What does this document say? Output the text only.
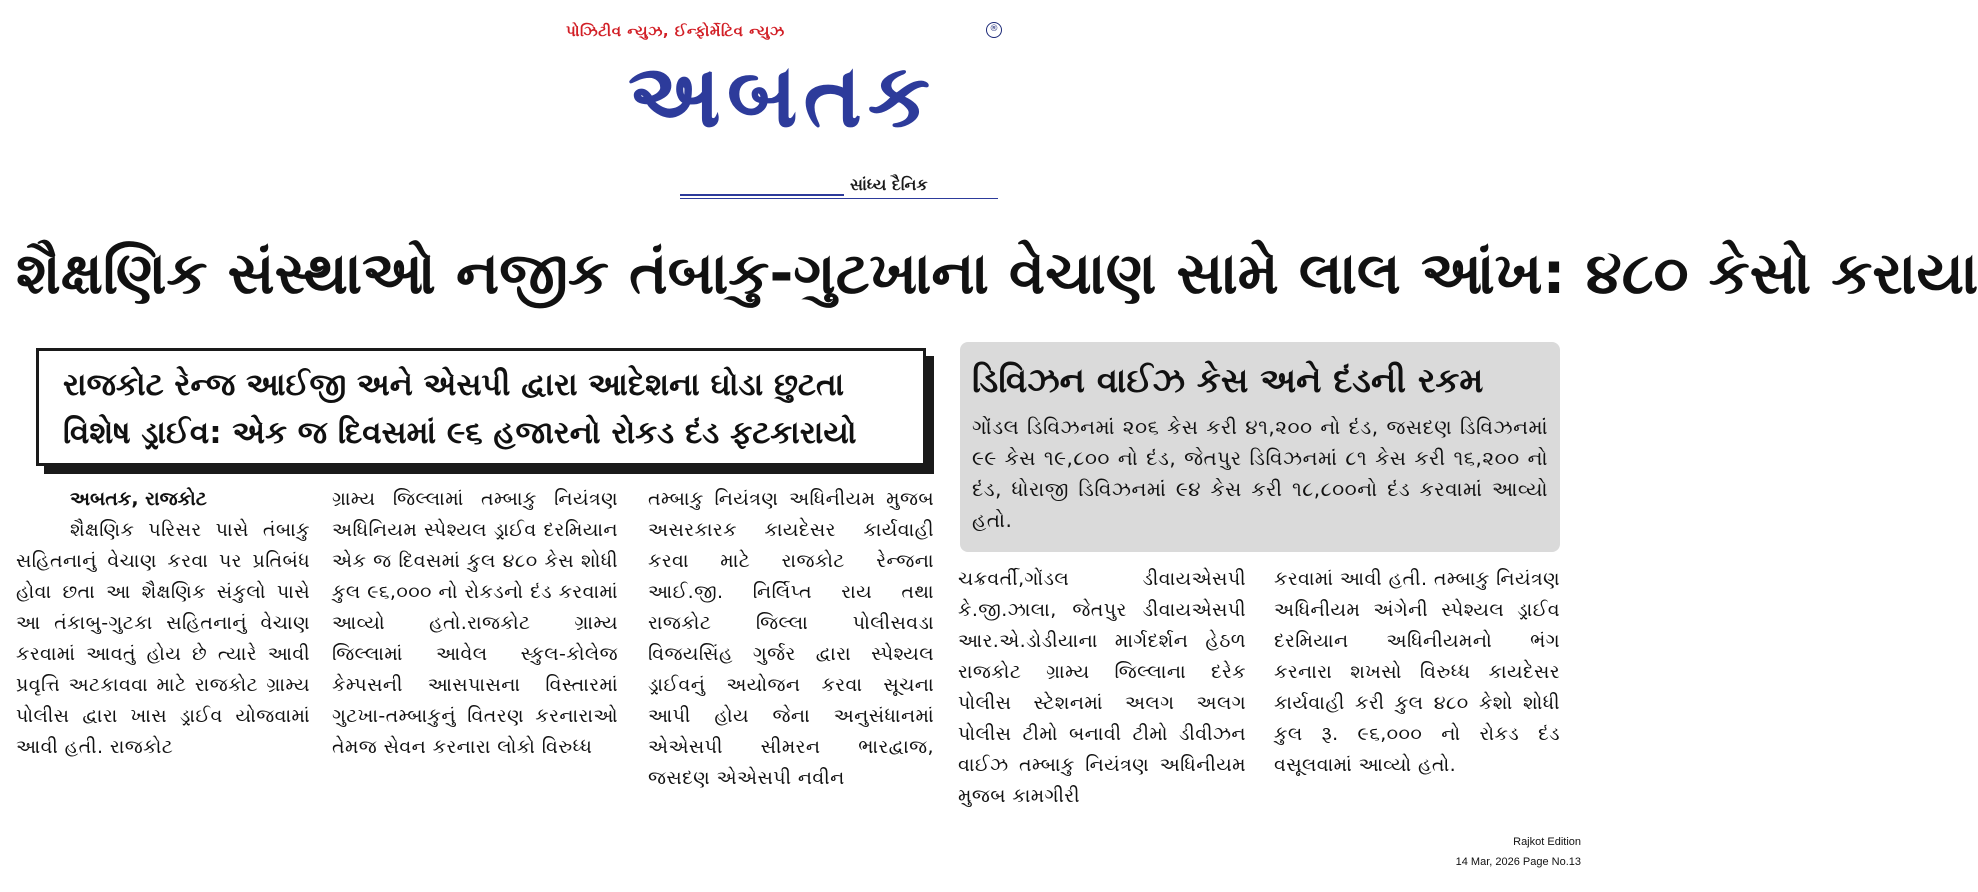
પોઝિટીવ ન્યુઝ, ઈન્ફોર્મેટિવ ન્યુઝ	®
અબતક
સાંધ્ય દૈનિક
શૈક્ષણિક સંસ્થાઓ નજીક તંબાકુ-ગુટખાના વેચાણ સામે લાલ આંખ: ૪૮૦ કેસો કરાયા
રાજકોટ રેન્જ આઈજી અને એસપી દ્વારા આદેશના ઘોડા છુટતા
વિશેષ ડ્રાઈવ: એક જ દિવસમાં ૯૬ હજારનો રોકડ દંડ ફટકારાયો
ડિવિઝન વાઈઝ કેસ અને દંડની રકમ
ગોંડલ ડિવિઝનમાં ૨૦૬ કેસ કરી ૪૧,૨૦૦ નો દંડ, જસદણ ડિવિઝનમાં ૯૯ કેસ ૧૯,૮૦૦ નો દંડ, જેતપુર ડિવિઝનમાં ૮૧ કેસ કરી ૧૬,૨૦૦ નો દંડ, ધોરાજી ડિવિઝનમાં ૯૪ કેસ કરી ૧૮,૮૦૦નો દંડ કરવામાં આવ્યો હતો.
અબતક, રાજકોટ
શૈક્ષણિક પરિસર પાસે તંબાકુ સહિતનાનું વેચાણ કરવા પર પ્રતિબંધ હોવા છતા આ શૈક્ષણિક સંકુલો પાસે આ તંકાબુ-ગુટકા સહિતનાનું વેચાણ કરવામાં આવતું હોય છે ત્યારે આવી પ્રવૃત્તિ અટકાવવા માટે રાજકોટ ગ્રામ્ય પોલીસ દ્વારા ખાસ ડ્રાઈવ યોજવામાં આવી હતી. રાજકોટ
ગ્રામ્ય જિલ્લામાં તમ્બાકુ નિયંત્રણ અધિનિયમ સ્પેશ્યલ ડ્રાઈવ દરમિયાન એક જ દિવસમાં કુલ ૪૮૦ કેસ શોધી કુલ ૯૬,૦૦૦ નો રોકડનો દંડ કરવામાં આવ્યો હતો.રાજકોટ ગ્રામ્ય જિલ્લામાં આવેલ સ્કુલ-કોલેજ કેમ્પસની આસપાસના વિસ્તારમાં ગુટખા-તમ્બાકુનું વિતરણ કરનારાઓ તેમજ સેવન કરનારા લોકો વિરુધ્ધ
તમ્બાકુ નિયંત્રણ અધિનીયમ મુજબ અસરકારક કાયદેસર કાર્યવાહી કરવા માટે રાજકોટ રેન્જના આઈ.જી. નિર્લિપ્ત રાય તથા રાજકોટ જિલ્લા પોલીસવડા વિજયસિંહ ગુર્જર દ્વારા સ્પેશ્યલ ડ્રાઈવનું અયોજન કરવા સૂચના આપી હોય જેના અનુસંધાનમાં એએસપી સીમરન ભારદ્વાજ, જસદણ એએસપી નવીન
ચક્રવર્તી,ગોંડલ ડીવાયએસપી કે.જી.ઝાલા, જેતપુર ડીવાયએસપી આર.એ.ડોડીયાના માર્ગદર્શન હેઠળ રાજકોટ ગ્રામ્ય જિલ્લાના દરેક પોલીસ સ્ટેશનમાં અલગ અલગ પોલીસ ટીમો બનાવી ટીમો ડીવીઝન વાઈઝ તમ્બાકુ નિયંત્રણ અધિનીયમ મુજબ કામગીરી
કરવામાં આવી હતી. તમ્બાકુ નિયંત્રણ અધિનીયમ અંગેની સ્પેશ્યલ ડ્રાઈવ દરમિયાન અધિનીયમનો ભંગ કરનારા શખસો વિરુધ્ધ કાયદેસર કાર્યવાહી કરી કુલ ૪૮૦ કેશો શોધી કુલ રૂ. ૯૬,૦૦૦ નો રોકડ દંડ વસૂલવામાં આવ્યો હતો.
Rajkot Edition
14 Mar, 2026 Page No.13
